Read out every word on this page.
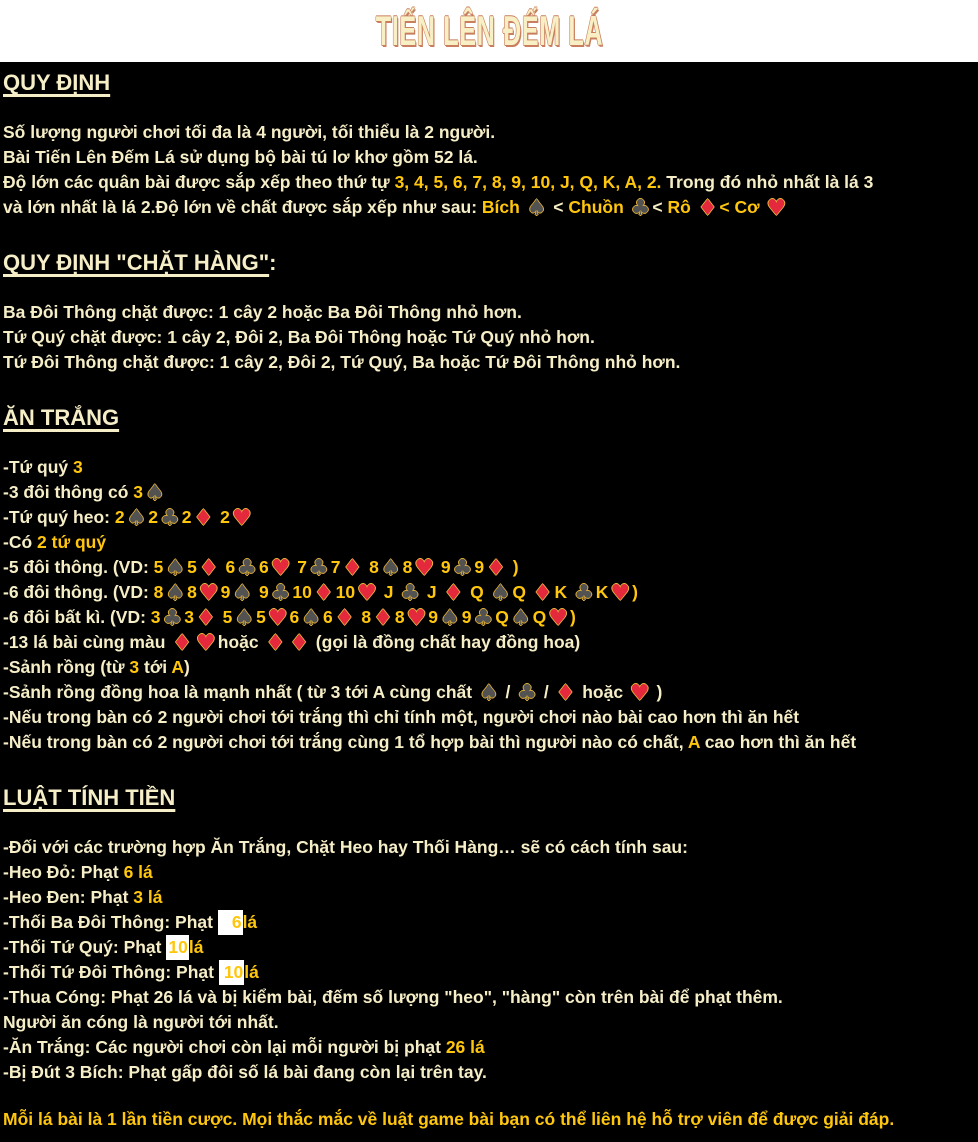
TIẾN LÊN ĐẾM LÁ
QUY ĐỊNH
Số lượng người chơi tối đa là 4 người, tối thiểu là 2 người.
Bài Tiến Lên Đếm Lá sử dụng bộ bài tú lơ khơ gồm 52 lá.
Độ lớn các quân bài được sắp xếp theo thứ tự 3, 4, 5, 6, 7, 8, 9, 10, J, Q, K, A, 2. Trong đó nhỏ nhất là lá 3
và lớn nhất là lá 2.Độ lớn về chất được sắp xếp như sau: Bích ♠ < Chuồn ♣ < Rô ♦ < Cơ ♥
QUY ĐỊNH "CHẶT HÀNG":
Ba Đôi Thông chặt được: 1 cây 2 hoặc Ba Đôi Thông nhỏ hơn.
Tứ Quý chặt được: 1 cây 2, Đôi 2, Ba Đôi Thông hoặc Tứ Quý nhỏ hơn.
Tứ Đôi Thông chặt được: 1 cây 2, Đôi 2, Tứ Quý, Ba hoặc Tứ Đôi Thông nhỏ hơn.
ĂN TRẮNG
-Tứ quý 3
-3 đôi thông có 3♠
-Tứ quý heo: 2♠ 2♣ 2♦ 2♥
-Có 2 tứ quý
-5 đôi thông. (VD: 5♠ 5♦ 6♣ 6♥ 7♣ 7♦ 8♠ 8♥ 9♣ 9♦ )
-6 đôi thông. (VD: 8♠ 8♥ 9♠ 9♣ 10♦ 10♥ J ♣ J ♦ Q ♠ Q ♦ K ♣ K♥ )
-6 đôi bất kì. (VD: 3♣ 3♦ 5♠ 5♥ 6♠ 6♦ 8♦ 8♥ 9♠ 9♣ Q♠ Q♥ )
-13 lá bài cùng màu ♦ ♥ hoặc ♦ ♦ (gọi là đồng chất hay đồng hoa)
-Sảnh rồng (từ 3 tới A)
-Sảnh rồng đồng hoa là mạnh nhất ( từ 3 tới A cùng chất ♠ / ♣ / ♦ hoặc ♥ )
-Nếu trong bàn có 2 người chơi tới trắng thì chỉ tính một, người chơi nào bài cao hơn thì ăn hết
-Nếu trong bàn có 2 người chơi tới trắng cùng 1 tổ hợp bài thì người nào có chất, A cao hơn thì ăn hết
LUẬT TÍNH TIỀN
-Đối với các trường hợp Ăn Trắng, Chặt Heo hay Thối Hàng… sẽ có cách tính sau:
-Heo Đỏ: Phạt 6 lá
-Heo Đen: Phạt 3 lá
-Thối Ba Đôi Thông: Phạt 6lá
-Thối Tứ Quý: Phạt 10lá
-Thối Tứ Đôi Thông: Phạt 10lá
-Thua Cóng: Phạt 26 lá và bị kiểm bài, đếm số lượng "heo", "hàng" còn trên bài để phạt thêm.
Người ăn cóng là người tới nhất.
-Ăn Trắng: Các người chơi còn lại mỗi người bị phạt 26 lá
-Bị Đút 3 Bích: Phạt gấp đôi số lá bài đang còn lại trên tay.

Mỗi lá bài là 1 lần tiền cược. Mọi thắc mắc về luật game bài bạn có thể liên hệ hỗ trợ viên để được giải đáp.
